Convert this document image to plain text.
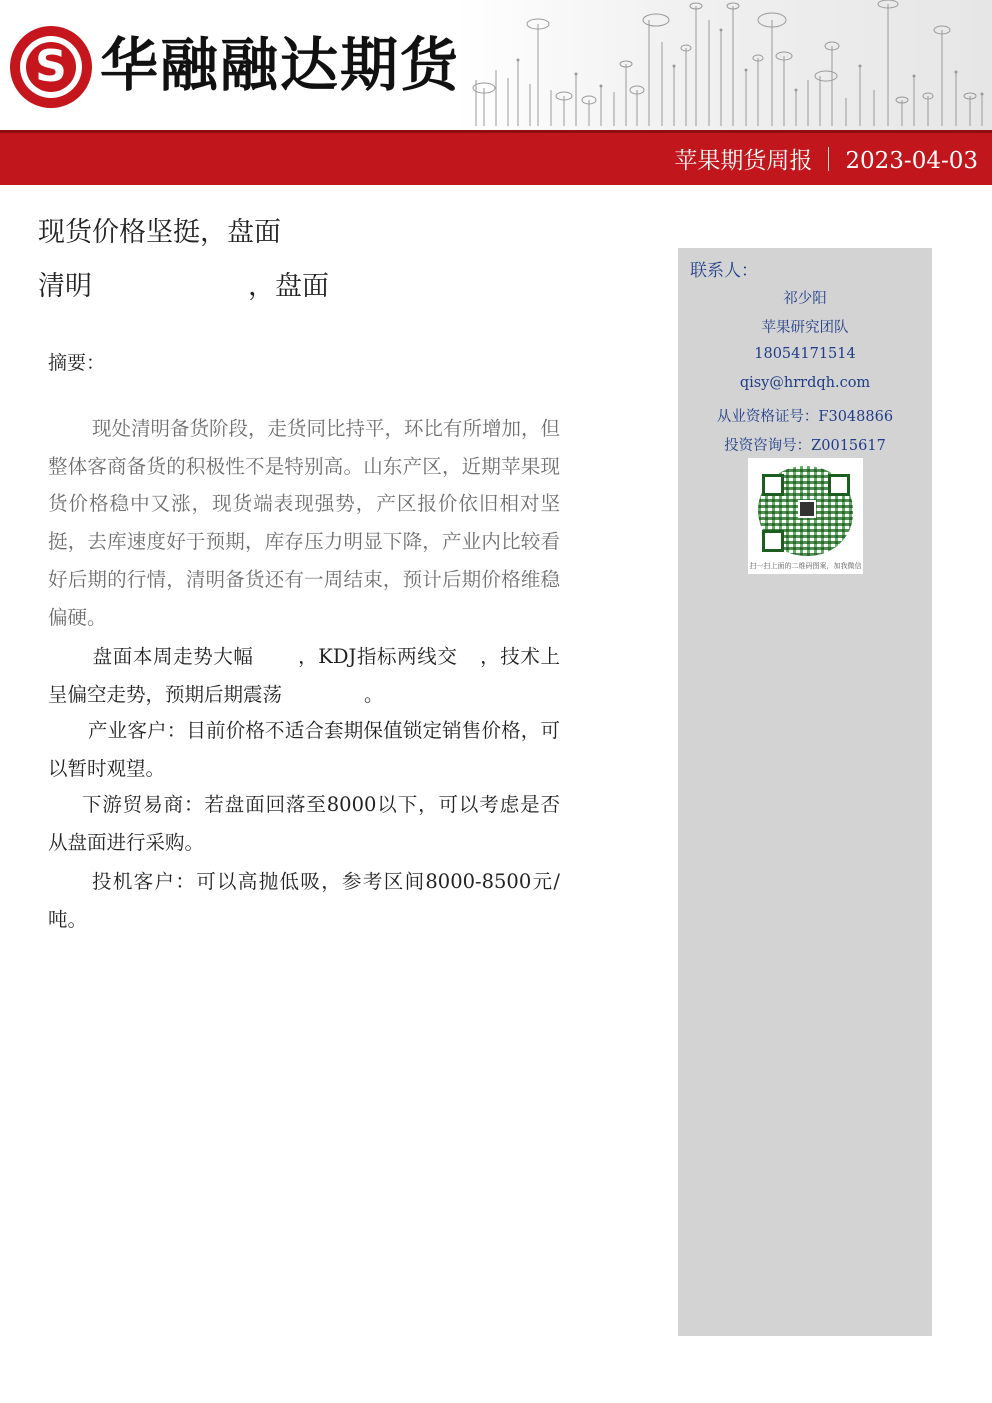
S 华融融达期货
苹果期货周报 2023-04-03
现货价格坚挺，盘面
清明	，盘面
摘要：
现处清明备货阶段，走货同比持平，环比有所增加，但整体客商备货的积极性不是特别高。山东产区，近期苹果现货价格稳中又涨，现货端表现强势，产区报价依旧相对坚挺，去库速度好于预期，库存压力明显下降，产业内比较看好后期的行情，清明备货还有一周结束，预计后期价格维稳偏硬。
盘面本周走势大幅 ，KDJ指标两线交 ，技术上呈偏空走势，预期后期震荡	。
产业客户：目前价格不适合套期保值锁定销售价格，可以暂时观望。
下游贸易商：若盘面回落至8000以下，可以考虑是否从盘面进行采购。
投机客户：可以高抛低吸，参考区间8000-8500元/吨。
联系人：
祁少阳
苹果研究团队
18054171514
qisy@hrrdqh.com
从业资格证号：F3048866
投资咨询号：Z0015617
扫一扫上面的二维码图案，加我微信
